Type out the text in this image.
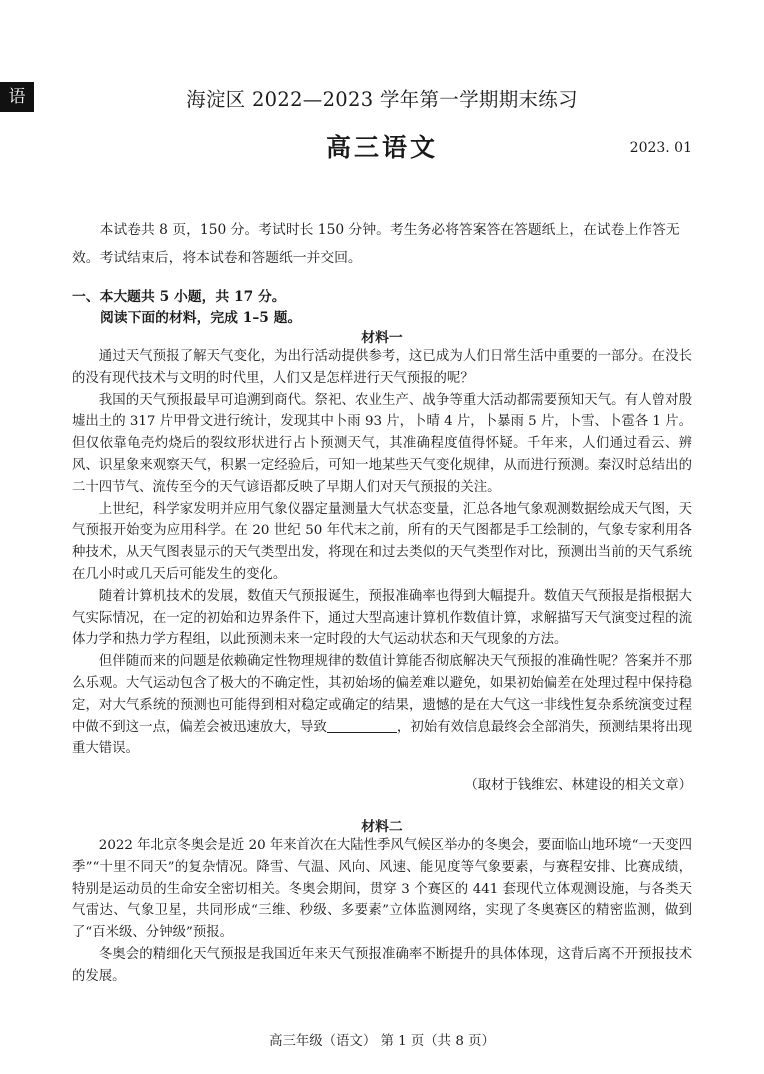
语	海淀区 2022—2023 学年第一学期期末练习
高三语文	2023. 01
本试卷共 8 页，150 分。考试时长 150 分钟。考生务必将答案答在答题纸上，在试卷上作答无效。考试结束后，将本试卷和答题纸一并交回。
一、本大题共 5 小题，共 17 分。
阅读下面的材料，完成 1–5 题。
材料一

通过天气预报了解天气变化，为出行活动提供参考，这已成为人们日常生活中重要的一部分。在没长的没有现代技术与文明的时代里，人们又是怎样进行天气预报的呢？

我国的天气预报最早可追溯到商代。祭祀、农业生产、战争等重大活动都需要预知天气。有人曾对殷墟出土的 317 片甲骨文进行统计，发现其中卜雨 93 片，卜晴 4 片，卜暴雨 5 片，卜雪、卜雹各 1 片。但仅依靠龟壳灼烧后的裂纹形状进行占卜预测天气，其准确程度值得怀疑。千年来，人们通过看云、辨风、识星象来观察天气，积累一定经验后，可知一地某些天气变化规律，从而进行预测。秦汉时总结出的二十四节气、流传至今的天气谚语都反映了早期人们对天气预报的关注。

上世纪，科学家发明并应用气象仪器定量测量大气状态变量，汇总各地气象观测数据绘成天气图，天气预报开始变为应用科学。在 20 世纪 50 年代末之前，所有的天气图都是手工绘制的，气象专家利用各种技术，从天气图表显示的天气类型出发，将现在和过去类似的天气类型作对比，预测出当前的天气系统在几小时或几天后可能发生的变化。

随着计算机技术的发展，数值天气预报诞生，预报准确率也得到大幅提升。数值天气预报是指根据大气实际情况，在一定的初始和边界条件下，通过大型高速计算机作数值计算，求解描写天气演变过程的流体力学和热力学方程组，以此预测未来一定时段的大气运动状态和天气现象的方法。

但伴随而来的问题是依赖确定性物理规律的数值计算能否彻底解决天气预报的准确性呢？答案并不那么乐观。大气运动包含了极大的不确定性，其初始场的偏差难以避免，如果初始偏差在处理过程中保持稳定，对大气系统的预测也可能得到相对稳定或确定的结果，遗憾的是在大气这一非线性复杂系统演变过程中做不到这一点，偏差会被迅速放大，导致	，初始有效信息最终会全部消失，预测结果将出现重大错误。

（取材于钱维宏、林建设的相关文章）
材料二

2022 年北京冬奥会是近 20 年来首次在大陆性季风气候区举办的冬奥会，要面临山地环境“一天变四季”“十里不同天”的复杂情况。降雪、气温、风向、风速、能见度等气象要素，与赛程安排、比赛成绩，特别是运动员的生命安全密切相关。冬奥会期间，贯穿 3 个赛区的 441 套现代立体观测设施，与各类天气雷达、气象卫星，共同形成“三维、秒级、多要素”立体监测网络，实现了冬奥赛区的精密监测，做到了“百米级、分钟级”预报。

冬奥会的精细化天气预报是我国近年来天气预报准确率不断提升的具体体现，这背后离不开预报技术的发展。

高三年级（语文） 第 1 页（共 8 页）
